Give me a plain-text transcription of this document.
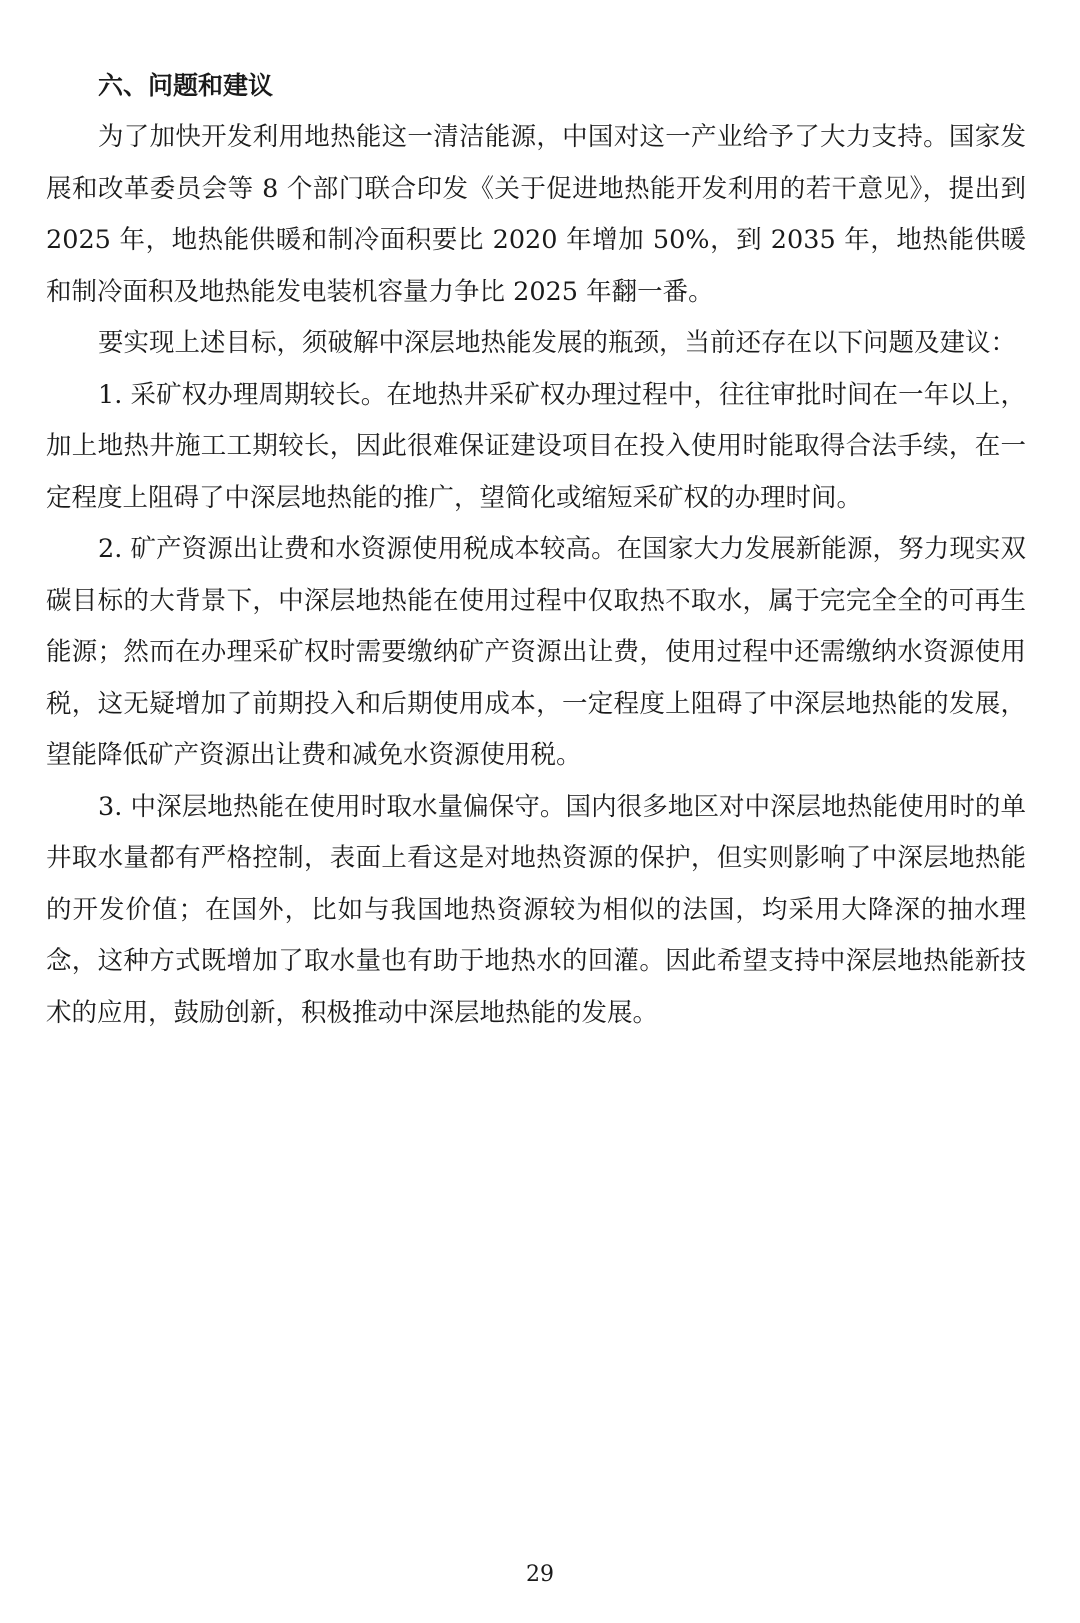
六、问题和建议

为了加快开发利用地热能这一清洁能源，中国对这一产业给予了大力支持。国家发展和改革委员会等 8 个部门联合印发《关于促进地热能开发利用的若干意见》，提出到 2025 年，地热能供暖和制冷面积要比 2020 年增加 50%，到 2035 年，地热能供暖和制冷面积及地热能发电装机容量力争比 2025 年翻一番。

要实现上述目标，须破解中深层地热能发展的瓶颈，当前还存在以下问题及建议：

1. 采矿权办理周期较长。在地热井采矿权办理过程中，往往审批时间在一年以上，加上地热井施工工期较长，因此很难保证建设项目在投入使用时能取得合法手续，在一定程度上阻碍了中深层地热能的推广，望简化或缩短采矿权的办理时间。

2. 矿产资源出让费和水资源使用税成本较高。在国家大力发展新能源，努力现实双碳目标的大背景下，中深层地热能在使用过程中仅取热不取水，属于完完全全的可再生能源；然而在办理采矿权时需要缴纳矿产资源出让费，使用过程中还需缴纳水资源使用税，这无疑增加了前期投入和后期使用成本，一定程度上阻碍了中深层地热能的发展，望能降低矿产资源出让费和减免水资源使用税。

3. 中深层地热能在使用时取水量偏保守。国内很多地区对中深层地热能使用时的单井取水量都有严格控制，表面上看这是对地热资源的保护，但实则影响了中深层地热能的开发价值；在国外，比如与我国地热资源较为相似的法国，均采用大降深的抽水理念，这种方式既增加了取水量也有助于地热水的回灌。因此希望支持中深层地热能新技术的应用，鼓励创新，积极推动中深层地热能的发展。

29
